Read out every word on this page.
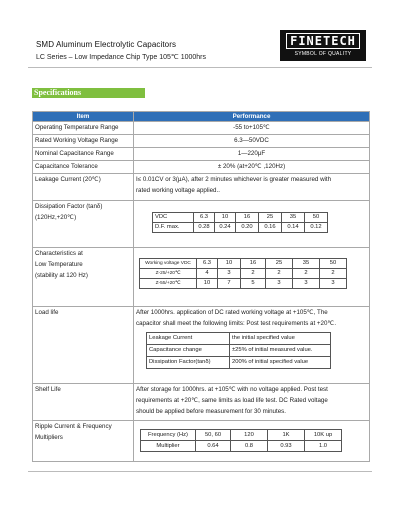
SMD Aluminum Electrolytic Capacitors
LC Series – Low Impedance Chip Type 105℃ 1000hrs
FINETECH
SYMBOL OF QUALITY
Specifications
Item	Performance
Operating Temperature Range	-55 to+105℃
Rated Working Voltage Range	6.3—50VDC
Nominal Capacitance Range	1—220μF
Capacitance Tolerance	± 20% (at+20℃ ,120Hz)
Leakage Current (20℃)	I≤ 0.01CV or 3(μA), after 2 minutes whichever is greater measured with
rated working voltage applied..

Dissipation Factor (tanδ)
(120Hz,+20℃)
		VDC	6.3	10	16	25	35	50
D.F. max.	0.28	0.24	0.20	0.16	0.14	0.12

Characteristics at
Low Temperature
(stability at 120 Hz)

Working voltage VDC	6.3	10	16	25	35	50
Z-25/+20℃	4	3	2	2	2	2
Z-55/+20℃	10	7	5	3	3	3

Load life	After 1000hrs. application of DC rated working voltage at +105℃, The
capacitor shall meet the following limits: Post test requirements at +20℃.
Leakage Current	the initial specified value
Capacitance change	±25% of initial measured value.
Dissipation Factor(tanδ)	200% of initial specified value

Shelf Life	After storage for 1000hrs. at +105℃ with no voltage applied. Post test
requirements at +20℃, same limits as load life test. DC Rated voltage
should be applied before measurement for 30 minutes.

Ripple Current & Frequency
Multipliers
		Frequency (Hz)	50, 60	120	1K	10K up
Multiplier	0.64	0.8	0.93	1.0
